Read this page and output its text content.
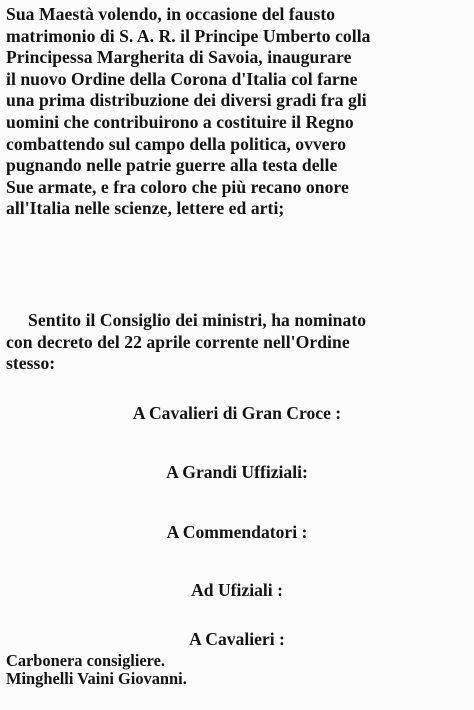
Sua Maestà volendo, in occasione del fausto
matrimonio di S. A. R. il Principe Umberto colla
Principessa Margherita di Savoia, inaugurare
il nuovo Ordine della Corona d'Italia col farne
una prima distribuzione dei diversi gradi fra gli
uomini che contribuirono a costituire il Regno
combattendo sul campo della politica, ovvero
pugnando nelle patrie guerre alla testa delle
Sue armate, e fra coloro che più recano onore
all'Italia nelle scienze, lettere ed arti;
Sentito il Consiglio dei ministri, ha nominato
con decreto del 22 aprile corrente nell'Ordine
stesso:
A Cavalieri di Gran Croce :
A Grandi Uffiziali:
A Commendatori :
Ad Ufiziali :
A Cavalieri :
Carbonera consigliere.
Minghelli Vaini Giovanni.
